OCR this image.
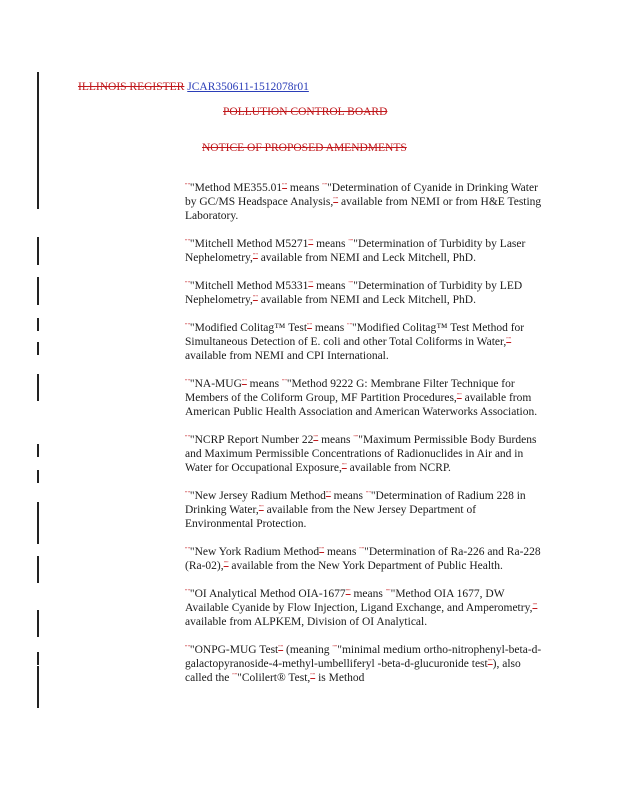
ILLINOIS REGISTER JCAR350611-1512078r01
POLLUTION CONTROL BOARD
NOTICE OF PROPOSED AMENDMENTS

"""Method ME355.01"" means """Determination of Cyanide in Drinking Water by GC/MS Headspace Analysis,"" available from NEMI or from H&E Testing Laboratory.

"""Mitchell Method M5271"" means """Determination of Turbidity by Laser Nephelometry,"" available from NEMI and Leck Mitchell, PhD.

"""Mitchell Method M5331"" means """Determination of Turbidity by LED Nephelometry,"" available from NEMI and Leck Mitchell, PhD.

"""Modified Colitag™ Test"" means """Modified Colitag™ Test Method for Simultaneous Detection of E. coli and other Total Coliforms in Water,"" available from NEMI and CPI International.

"""NA-MUG"" means """Method 9222 G: Membrane Filter Technique for Members of the Coliform Group, MF Partition Procedures,"" available from American Public Health Association and American Waterworks Association.

"""NCRP Report Number 22"" means """Maximum Permissible Body Burdens and Maximum Permissible Concentrations of Radionuclides in Air and in Water for Occupational Exposure,"" available from NCRP.

"""New Jersey Radium Method"" means """Determination of Radium 228 in Drinking Water,"" available from the New Jersey Department of Environmental Protection.

"""New York Radium Method"" means """Determination of Ra-226 and Ra-228 (Ra-02),"" available from the New York Department of Public Health.

"""OI Analytical Method OIA-1677"" means """Method OIA 1677, DW Available Cyanide by Flow Injection, Ligand Exchange, and Amperometry,"" available from ALPKEM, Division of OI Analytical.

"""ONPG-MUG Test"" (meaning """minimal medium ortho-nitrophenyl-beta-d-galactopyranoside-4-methyl-umbelliferyl -beta-d-glucuronide test""), also called the """Colilert® Test,"" is Method
